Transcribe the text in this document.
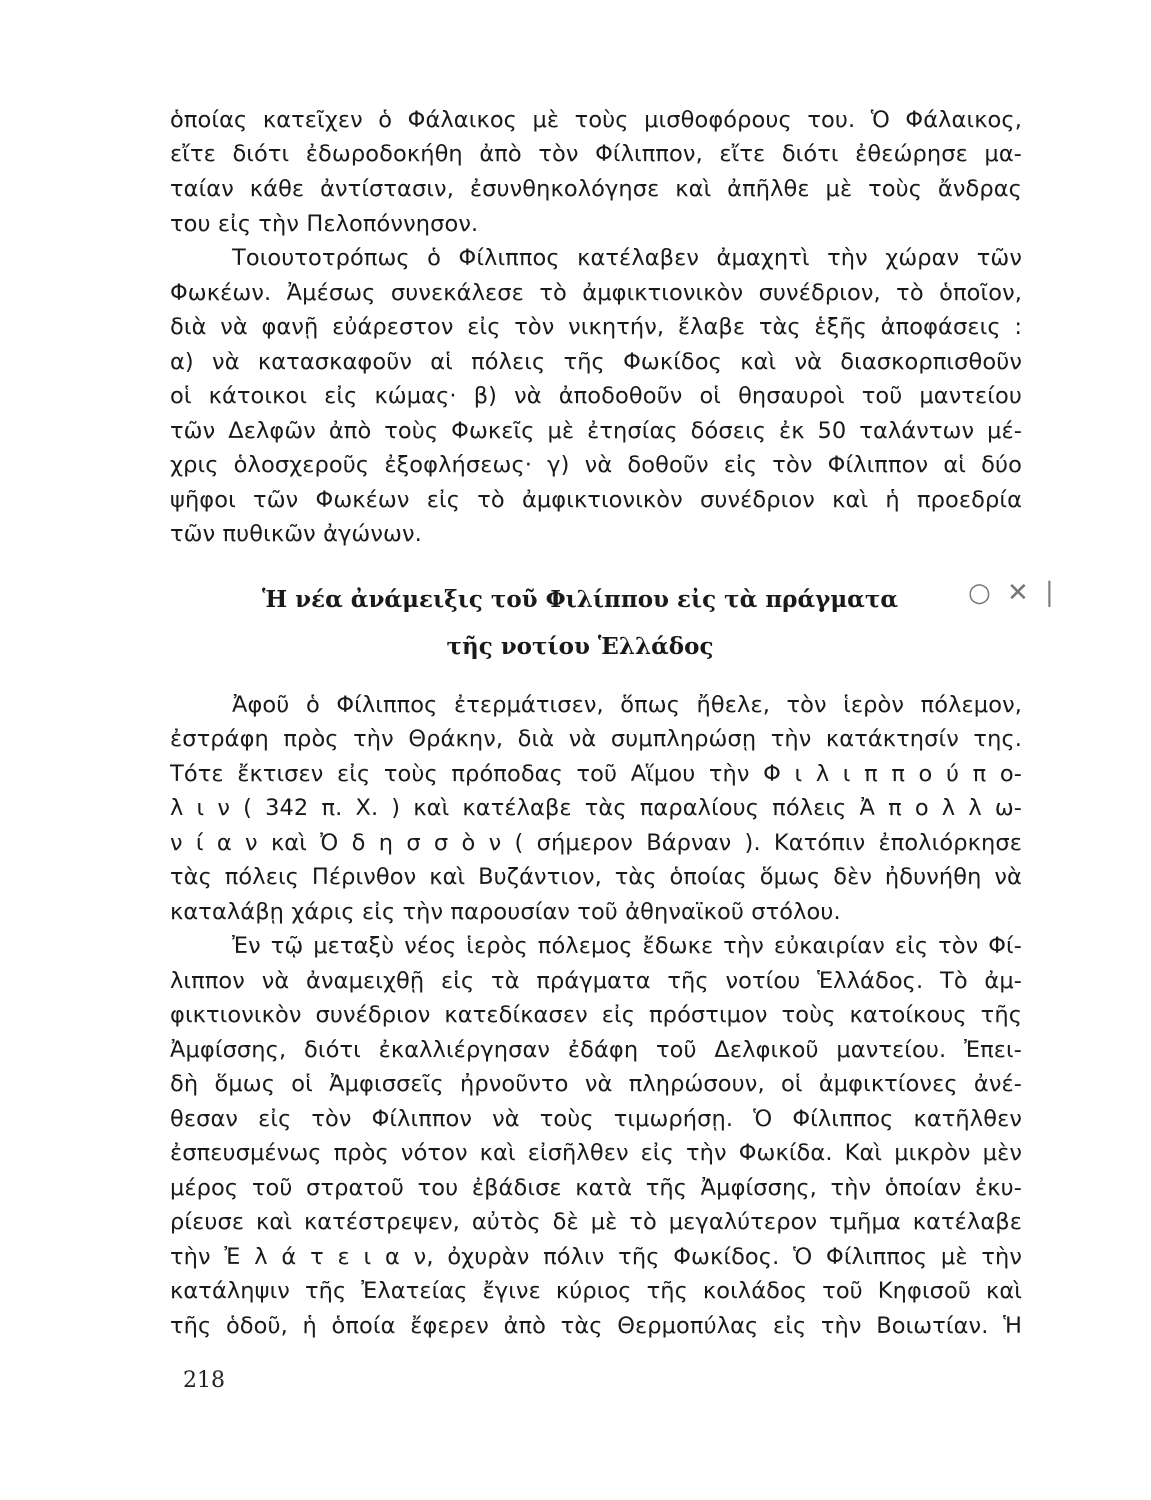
ὁποίας κατεῖχεν ὁ Φάλαικος μὲ τοὺς μισθοφόρους του. Ὁ Φάλαικος,
εἴτε διότι ἐδωροδοκήθη ἀπὸ τὸν Φίλιππον, εἴτε διότι ἐθεώρησε μα-
ταίαν κάθε ἀντίστασιν, ἐσυνθηκολόγησε καὶ ἀπῆλθε μὲ τοὺς ἄνδρας
του εἰς τὴν Πελοπόννησον.
Τοιουτοτρόπως ὁ Φίλιππος κατέλαβεν ἀμαχητὶ τὴν χώραν τῶν
Φωκέων. Ἀμέσως συνεκάλεσε τὸ ἀμφικτιονικὸν συνέδριον, τὸ ὁποῖον,
διὰ νὰ φανῇ εὐάρεστον εἰς τὸν νικητήν, ἔλαβε τὰς ἑξῆς ἀποφάσεις :
α) νὰ κατασκαφοῦν αἱ πόλεις τῆς Φωκίδος καὶ νὰ διασκορπισθοῦν
οἱ κάτοικοι εἰς κώμας· β) νὰ ἀποδοθοῦν οἱ θησαυροὶ τοῦ μαντείου
τῶν Δελφῶν ἀπὸ τοὺς Φωκεῖς μὲ ἐτησίας δόσεις ἐκ 50 ταλάντων μέ-
χρις ὁλοσχεροῦς ἐξοφλήσεως· γ) νὰ δοθοῦν εἰς τὸν Φίλιππον αἱ δύο
ψῆφοι τῶν Φωκέων εἰς τὸ ἀμφικτιονικὸν συνέδριον καὶ ἡ προεδρία
τῶν πυθικῶν ἀγώνων.
Ἡ νέα ἀνάμειξις τοῦ Φιλίππου εἰς τὰ πράγματα
τῆς νοτίου Ἑλλάδος
○ ✕ |
Ἀφοῦ ὁ Φίλιππος ἐτερμάτισεν, ὅπως ἤθελε, τὸν ἱερὸν πόλεμον,
ἐστράφη πρὸς τὴν Θράκην, διὰ νὰ συμπληρώσῃ τὴν κατάκτησίν της.
Τότε ἔκτισεν εἰς τοὺς πρόποδας τοῦ Αἵμου τὴν Φ ι λ ι π π ο ύ π ο-
λ ι ν ( 342 π. Χ. ) καὶ κατέλαβε τὰς παραλίους πόλεις Ἀ π ο λ λ ω-
ν ί α ν καὶ Ὀ δ η σ σ ὸ ν ( σήμερον Βάρναν ). Κατόπιν ἐπολιόρκησε
τὰς πόλεις Πέρινθον καὶ Βυζάντιον, τὰς ὁποίας ὅμως δὲν ἠδυνήθη νὰ
καταλάβῃ χάρις εἰς τὴν παρουσίαν τοῦ ἀθηναϊκοῦ στόλου.
Ἐν τῷ μεταξὺ νέος ἱερὸς πόλεμος ἔδωκε τὴν εὐκαιρίαν εἰς τὸν Φί-
λιππον νὰ ἀναμειχθῇ εἰς τὰ πράγματα τῆς νοτίου Ἑλλάδος. Τὸ ἀμ-
φικτιονικὸν συνέδριον κατεδίκασεν εἰς πρόστιμον τοὺς κατοίκους τῆς
Ἀμφίσσης, διότι ἐκαλλιέργησαν ἐδάφη τοῦ Δελφικοῦ μαντείου. Ἐπει-
δὴ ὅμως οἱ Ἀμφισσεῖς ἠρνοῦντο νὰ πληρώσουν, οἱ ἀμφικτίονες ἀνέ-
θεσαν εἰς τὸν Φίλιππον νὰ τοὺς τιμωρήσῃ. Ὁ Φίλιππος κατῆλθεν
ἐσπευσμένως πρὸς νότον καὶ εἰσῆλθεν εἰς τὴν Φωκίδα. Καὶ μικρὸν μὲν
μέρος τοῦ στρατοῦ του ἐβάδισε κατὰ τῆς Ἀμφίσσης, τὴν ὁποίαν ἐκυ-
ρίευσε καὶ κατέστρεψεν, αὐτὸς δὲ μὲ τὸ μεγαλύτερον τμῆμα κατέλαβε
τὴν Ἐ λ ά τ ε ι α ν, ὀχυρὰν πόλιν τῆς Φωκίδος. Ὁ Φίλιππος μὲ τὴν
κατάληψιν τῆς Ἐλατείας ἔγινε κύριος τῆς κοιλάδος τοῦ Κηφισοῦ καὶ
τῆς ὁδοῦ, ἡ ὁποία ἔφερεν ἀπὸ τὰς Θερμοπύλας εἰς τὴν Βοιωτίαν. Ἡ
218
